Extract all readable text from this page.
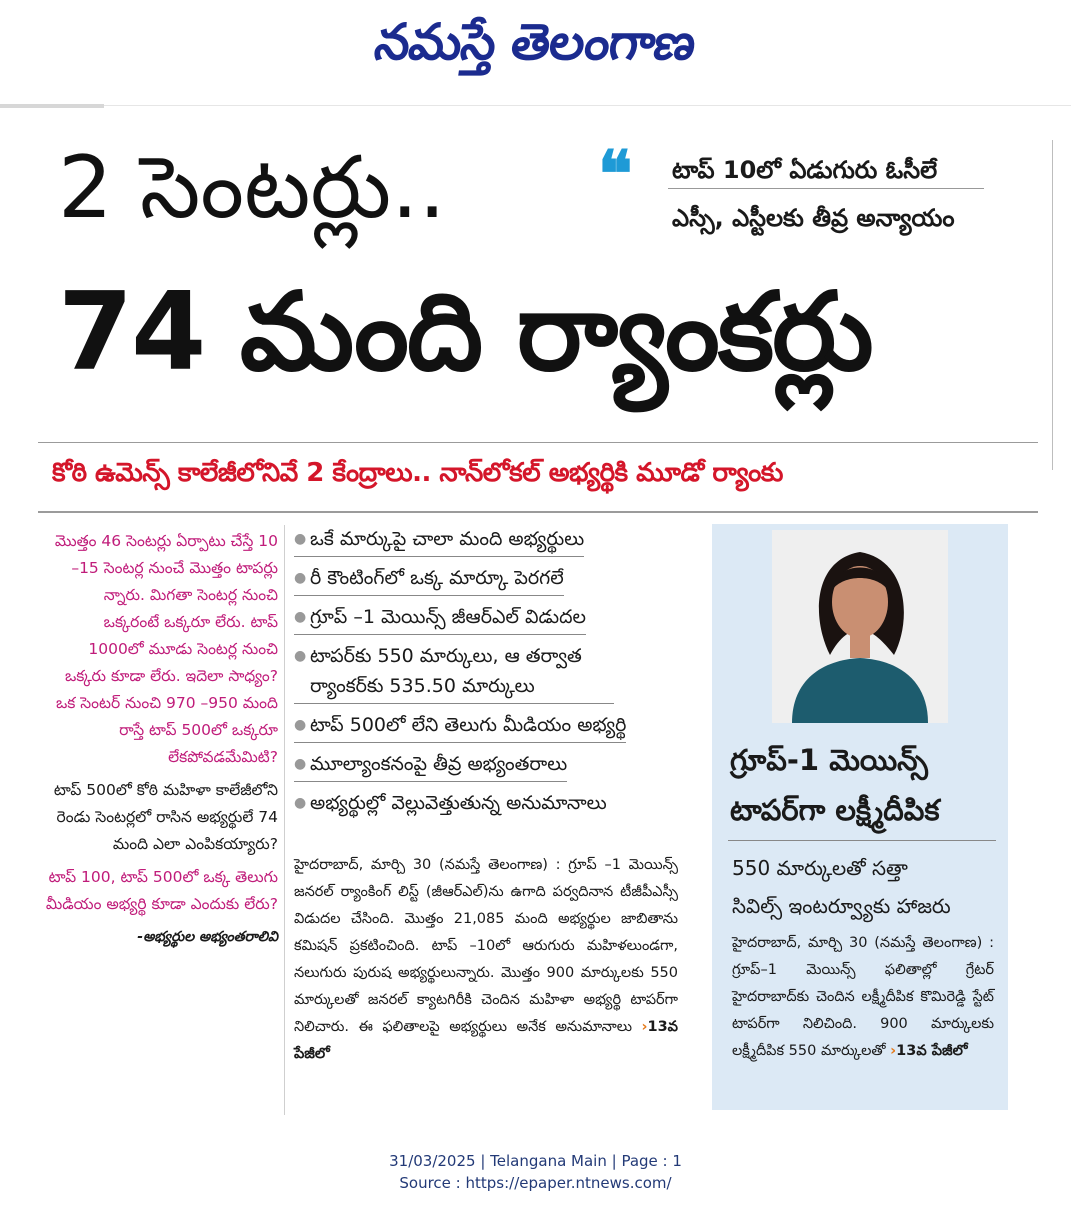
నమస్తే తెలంగాణ
2 సెంటర్లు..
74 మంది ర్యాంకర్లు
❝ టాప్ 10లో ఏడుగురు ఓసీలే
ఎస్సీ, ఎస్టీలకు తీవ్ర అన్యాయం
కోఠి ఉమెన్స్ కాలేజీలోనివే 2 కేంద్రాలు.. నాన్‌లోకల్ అభ్యర్థికి మూడో ర్యాంకు
మొత్తం 46 సెంటర్లు ఏర్పాటు చేస్తే 10 –15 సెంటర్ల నుంచే మొత్తం టాపర్లు న్నారు. మిగతా సెంటర్ల నుంచి ఒక్కరంటే ఒక్కరూ లేరు. టాప్ 1000లో మూడు సెంటర్ల నుంచి ఒక్కరు కూడా లేరు. ఇదెలా సాధ్యం? ఒక సెంటర్ నుంచి 970 –950 మంది రాస్తే టాప్ 500లో ఒక్కరూ లేకపోవడమేమిటి?
టాప్ 500లో కోఠి మహిళా కాలేజీలోని రెండు సెంటర్లలో రాసిన అభ్యర్థులే 74 మంది ఎలా ఎంపికయ్యారు?
టాప్ 100, టాప్ 500లో ఒక్క తెలుగు మీడియం అభ్యర్థి కూడా ఎందుకు లేరు?
-అభ్యర్థుల అభ్యంతరాలివి
● ఒకే మార్కుపై చాలా మంది అభ్యర్థులు
● రీ కౌంటింగ్‌లో ఒక్క మార్కూ పెరగలే
● గ్రూప్ –1 మెయిన్స్ జీఆర్‌ఎల్ విడుదల
● టాపర్‌కు 550 మార్కులు, ఆ తర్వాత ర్యాంకర్‌కు 535.50 మార్కులు
● టాప్ 500లో లేని తెలుగు మీడియం అభ్యర్థి
● మూల్యాంకనంపై తీవ్ర అభ్యంతరాలు
● అభ్యర్థుల్లో వెల్లువెత్తుతున్న అనుమానాలు
హైదరాబాద్, మార్చి 30 (నమస్తే తెలంగాణ) : గ్రూప్ –1 మెయిన్స్ జనరల్ ర్యాంకింగ్ లిస్ట్ (జీఆర్‌ఎల్)ను ఉగాది పర్వదినాన టీజీపీఎస్సీ విడుదల చేసింది. మొత్తం 21,085 మంది అభ్యర్థుల జాబితాను కమిషన్ ప్రకటించింది. టాప్ –10లో ఆరుగురు మహిళలుండగా, నలుగురు పురుష అభ్యర్థులున్నారు. మొత్తం 900 మార్కులకు 550 మార్కులతో జనరల్ క్యాటగిరీకి చెందిన మహిళా అభ్యర్థి టాపర్‌గా నిలిచారు. ఈ ఫలితాలపై అభ్యర్థులు అనేక అనుమానాలు ›13వ పేజీలో
గ్రూప్-1 మెయిన్స్
టాపర్‌గా లక్ష్మీదీపిక
550 మార్కులతో సత్తా
సివిల్స్ ఇంటర్వ్యూకు హాజరు
హైదరాబాద్, మార్చి 30 (నమస్తే తెలంగాణ) : గ్రూప్–1 మెయిన్స్ ఫలితాల్లో గ్రేటర్ హైదరాబాద్‌కు చెందిన లక్ష్మీదీపిక కొమిరెడ్డి స్టేట్ టాపర్‌గా నిలిచింది. 900 మార్కులకు లక్ష్మీదీపిక 550 మార్కులతో ›13వ పేజీలో
31/03/2025 | Telangana Main | Page : 1
Source : https://epaper.ntnews.com/
